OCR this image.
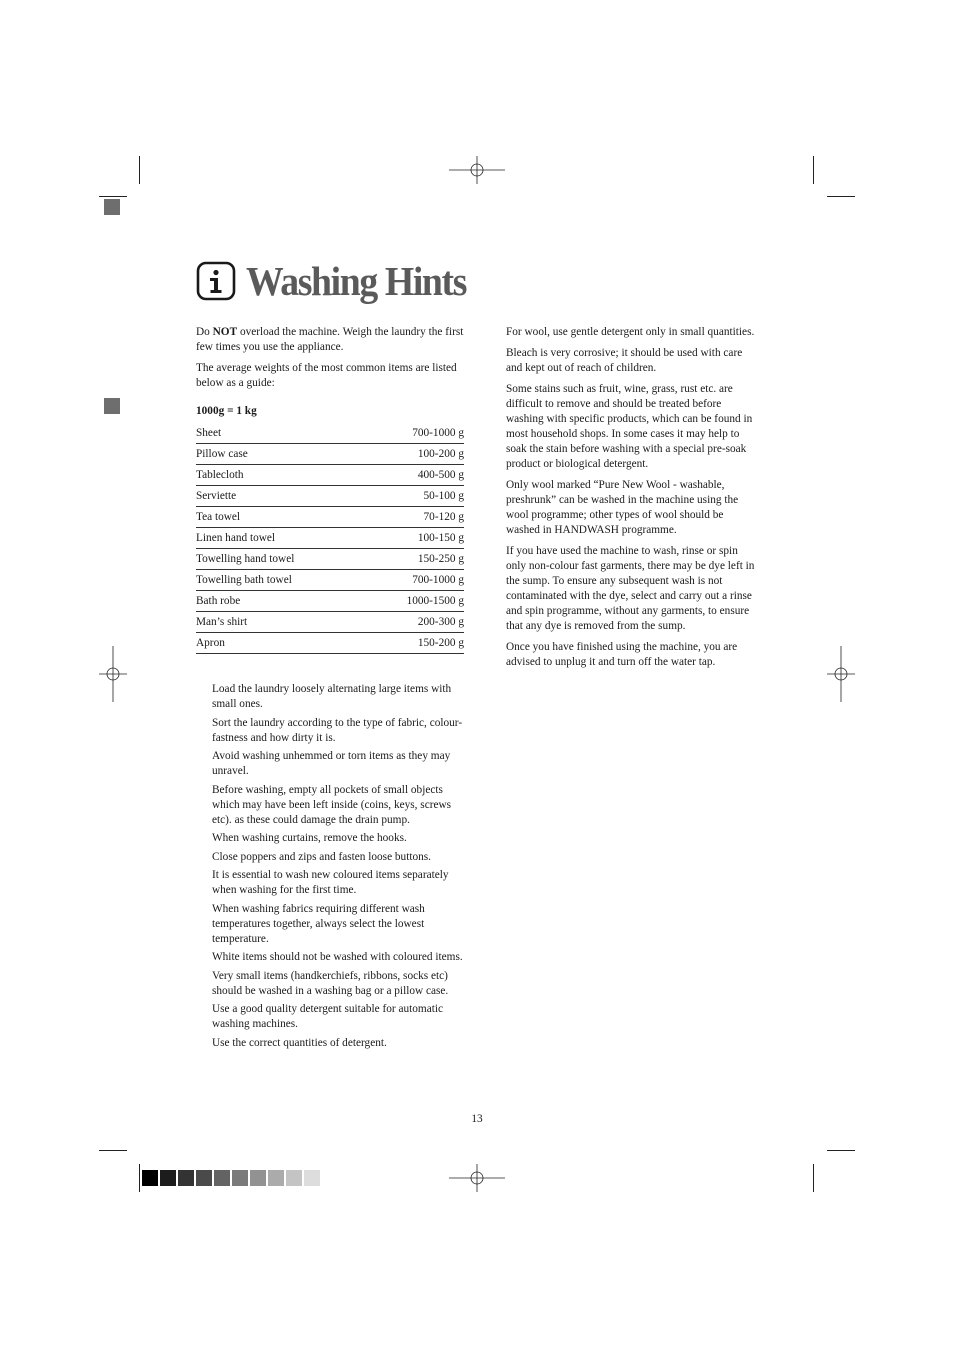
Washing Hints

Do NOT overload the machine. Weigh the laundry the first few times you use the appliance.

The average weights of the most common items are listed below as a guide:

1000g = 1 kg
Sheet	700-1000 g
Pillow case	100-200 g
Tablecloth	400-500 g
Serviette	50-100 g
Tea towel	70-120 g
Linen hand towel	100-150 g
Towelling hand towel	150-250 g
Towelling bath towel	700-1000 g
Bath robe	1000-1500 g
Man’s shirt	200-300 g
Apron	150-200 g

Load the laundry loosely alternating large items with small ones.

Sort the laundry according to the type of fabric, colour-fastness and how dirty it is.

Avoid washing unhemmed or torn items as they may unravel.

Before washing, empty all pockets of small objects which may have been left inside (coins, keys, screws etc). as these could damage the drain pump.

When washing curtains, remove the hooks.

Close poppers and zips and fasten loose buttons.

It is essential to wash new coloured items separately when washing for the first time.

When washing fabrics requiring different wash temperatures together, always select the lowest temperature.

White items should not be washed with coloured items.

Very small items (handkerchiefs, ribbons, socks etc) should be washed in a washing bag or a pillow case.

Use a good quality detergent suitable for automatic washing machines.

Use the correct quantities of detergent.

For wool, use gentle detergent only in small quantities.

Bleach is very corrosive; it should be used with care and kept out of reach of children.

Some stains such as fruit, wine, grass, rust etc. are difficult to remove and should be treated before washing with specific products, which can be found in most household shops. In some cases it may help to soak the stain before washing with a special pre-soak product or biological detergent.

Only wool marked “Pure New Wool - washable, preshrunk” can be washed in the machine using the wool programme; other types of wool should be washed in HANDWASH programme.

If you have used the machine to wash, rinse or spin only non-colour fast garments, there may be dye left in the sump. To ensure any subsequent wash is not contaminated with the dye, select and carry out a rinse and spin programme, without any garments, to ensure that any dye is removed from the sump.

Once you have finished using the machine, you are advised to unplug it and turn off the water tap.

13
